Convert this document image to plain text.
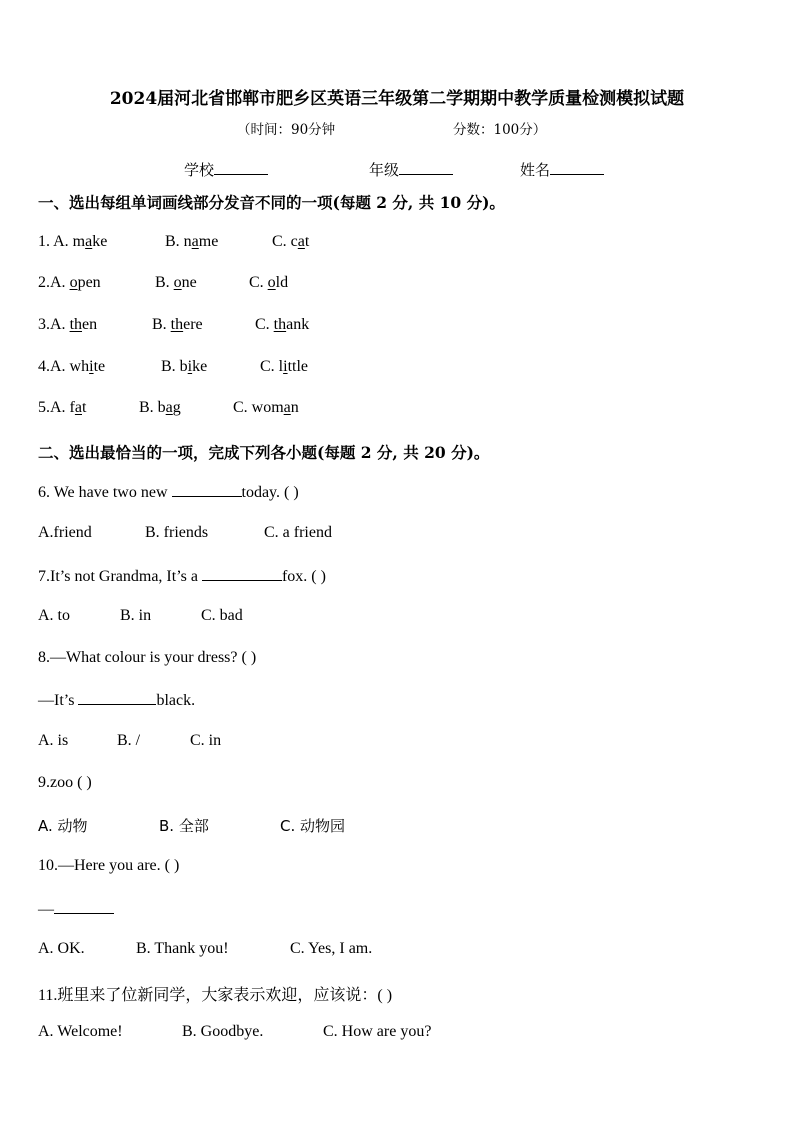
2024届河北省邯郸市肥乡区英语三年级第二学期期中教学质量检测模拟试题
（时间：90分钟	分数：100分）
学校	年级	姓名
一、选出每组单词画线部分发音不同的一项(每题 2 分, 共 10 分)。
1. A. make	B. name	C. cat
2.A. open	B. one	C. old
3.A. then	B. there	C. thank
4.A. white	B. bike	C. little
5.A. fat	B. bag	C. woman
二、选出最恰当的一项，完成下列各小题(每题 2 分, 共 20 分)。
6. We have two new	today. ( )
A.friend	B. friends	C. a friend
7.It’s not Grandma, It’s a	fox. ( )
A. to	B. in	C. bad
8.—What colour is your dress? ( )
—It’s	black.
A. is	B. /	C. in
9.zoo ( )
A. 动物	B. 全部	C. 动物园
10.—Here you are. ( )
—
A. OK.	B. Thank you!	C. Yes, I am.
11.班里来了位新同学，大家表示欢迎，应该说：( )
A. Welcome!	B. Goodbye.	C. How are you?
